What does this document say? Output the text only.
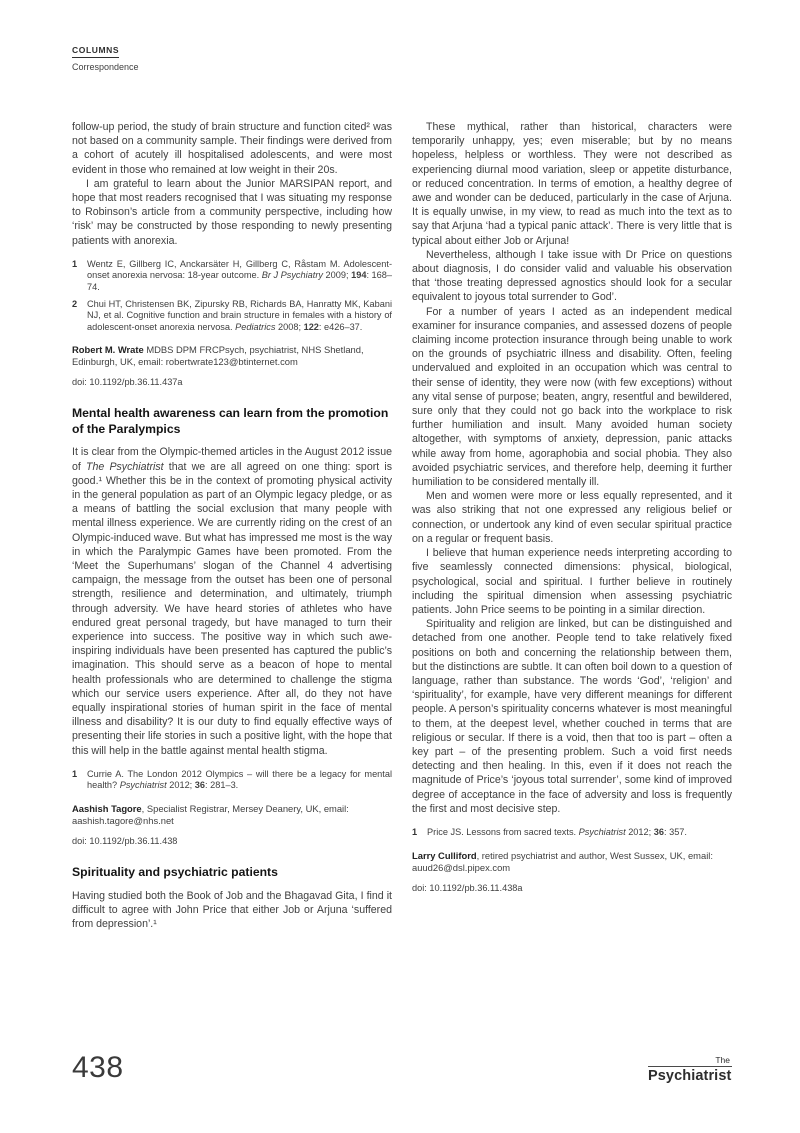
COLUMNS
Correspondence

follow-up period, the study of brain structure and function cited² was not based on a community sample. Their findings were derived from a cohort of acutely ill hospitalised adolescents, and were most evident in those who remained at low weight in their 20s.

I am grateful to learn about the Junior MARSIPAN report, and hope that most readers recognised that I was situating my response to Robinson’s article from a community perspective, including how ‘risk’ may be constructed by those responding to newly presenting patients with anorexia.

1	Wentz E, Gillberg IC, Anckarsäter H, Gillberg C, Råstam M. Adolescent-onset anorexia nervosa: 18-year outcome. Br J Psychiatry 2009; 194: 168–74.
2	Chui HT, Christensen BK, Zipursky RB, Richards BA, Hanratty MK, Kabani NJ, et al. Cognitive function and brain structure in females with a history of adolescent-onset anorexia nervosa. Pediatrics 2008; 122: e426–37.

Robert M. Wrate MDBS DPM FRCPsych, psychiatrist, NHS Shetland, Edinburgh, UK, email: robertwrate123@btinternet.com

doi: 10.1192/pb.36.11.437a

Mental health awareness can learn from the promotion of the Paralympics

It is clear from the Olympic-themed articles in the August 2012 issue of The Psychiatrist that we are all agreed on one thing: sport is good.¹ Whether this be in the context of promoting physical activity in the general population as part of an Olympic legacy pledge, or as a means of battling the social exclusion that many people with mental illness experience. We are currently riding on the crest of an Olympic-induced wave. But what has impressed me most is the way in which the Paralympic Games have been promoted. From the ‘Meet the Superhumans’ slogan of the Channel 4 advertising campaign, the message from the outset has been one of personal strength, resilience and determination, and ultimately, triumph through adversity. We have heard stories of athletes who have endured great personal tragedy, but have managed to turn their experience into success. The positive way in which such awe-inspiring individuals have been presented has captured the public’s imagination. This should serve as a beacon of hope to mental health professionals who are determined to challenge the stigma which our service users experience. After all, do they not have equally inspirational stories of human spirit in the face of mental illness and disability? It is our duty to find equally effective ways of presenting their life stories in such a positive light, with the hope that this will help in the battle against mental health stigma.

1	Currie A. The London 2012 Olympics – will there be a legacy for mental health? Psychiatrist 2012; 36: 281–3.

Aashish Tagore, Specialist Registrar, Mersey Deanery, UK, email: aashish.tagore@nhs.net

doi: 10.1192/pb.36.11.438

Spirituality and psychiatric patients

Having studied both the Book of Job and the Bhagavad Gita, I find it difficult to agree with John Price that either Job or Arjuna ‘suffered from depression’.¹

These mythical, rather than historical, characters were temporarily unhappy, yes; even miserable; but by no means hopeless, helpless or worthless. They were not described as experiencing diurnal mood variation, sleep or appetite disturbance, or reduced concentration. In terms of emotion, a healthy degree of awe and wonder can be deduced, particularly in the case of Arjuna. It is equally unwise, in my view, to read as much into the text as to say that Arjuna ‘had a typical panic attack’. There is very little that is typical about either Job or Arjuna!

Nevertheless, although I take issue with Dr Price on questions about diagnosis, I do consider valid and valuable his observation that ‘those treating depressed agnostics should look for a secular equivalent to joyous total surrender to God’.

For a number of years I acted as an independent medical examiner for insurance companies, and assessed dozens of people claiming income protection insurance through being unable to work on the grounds of psychiatric illness and disability. Often, feeling undervalued and exploited in an occupation which was central to their sense of identity, they were now (with few exceptions) without any vital sense of purpose; beaten, angry, resentful and bewildered, sure only that they could not go back into the workplace to risk further humiliation and insult. Many avoided human society altogether, with symptoms of anxiety, depression, panic attacks while away from home, agoraphobia and social phobia. They also avoided psychiatric services, and therefore help, deeming it further humiliation to be considered mentally ill.

Men and women were more or less equally represented, and it was also striking that not one expressed any religious belief or connection, or undertook any kind of even secular spiritual practice on a regular or frequent basis.

I believe that human experience needs interpreting according to five seamlessly connected dimensions: physical, biological, psychological, social and spiritual. I further believe in routinely including the spiritual dimension when assessing psychiatric patients. John Price seems to be pointing in a similar direction.

Spirituality and religion are linked, but can be distinguished and detached from one another. People tend to take relatively fixed positions on both and concerning the relationship between them, but the distinctions are subtle. It can often boil down to a question of language, rather than substance. The words ‘God’, ‘religion’ and ‘spirituality’, for example, have very different meanings for different people. A person’s spirituality concerns whatever is most meaningful to them, at the deepest level, whether couched in terms that are religious or secular. If there is a void, then that too is part – often a key part – of the presenting problem. Such a void first needs detecting and then healing. In this, even if it does not reach the magnitude of Price’s ‘joyous total surrender’, some kind of improved degree of acceptance in the face of adversity and loss is frequently the first and most decisive step.

1	Price JS. Lessons from sacred texts. Psychiatrist 2012; 36: 357.

Larry Culliford, retired psychiatrist and author, West Sussex, UK, email: auud26@dsl.pipex.com

doi: 10.1192/pb.36.11.438a

438	The
Psychiatrist
